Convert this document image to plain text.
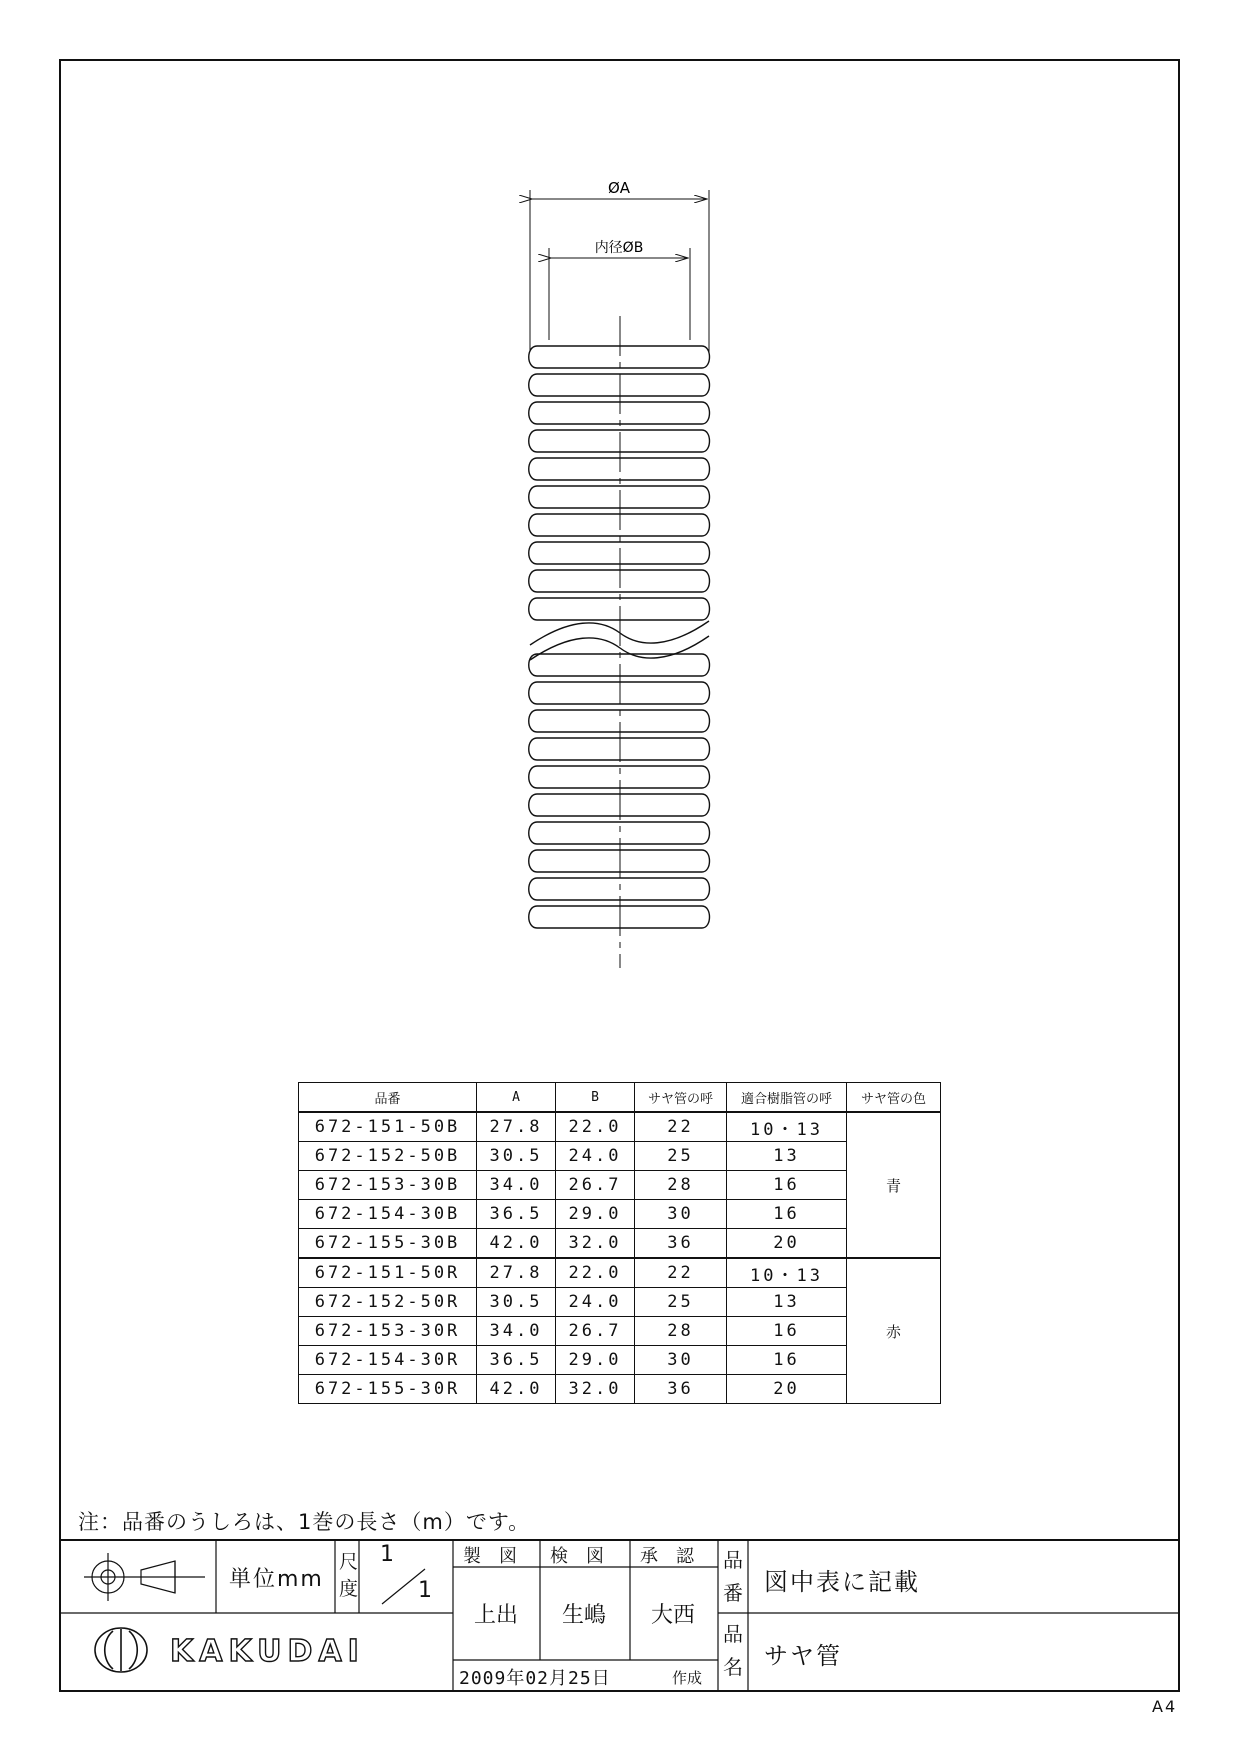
ØA
内径ØB
品番	A	B	サヤ管の呼	適合樹脂管の呼	サヤ管の色
672-151-50B	27.8	22.0	22	10・13	青
672-152-50B	30.5	24.0	25	13	
672-153-30B	34.0	26.7	28	16	
672-154-30B	36.5	29.0	30	16	
672-155-30B	42.0	32.0	36	20	
672-151-50R	27.8	22.0	22	10・13	赤
672-152-50R	30.5	24.0	25	13	
672-153-30R	34.0	26.7	28	16	
672-154-30R	36.5	29.0	30	16	
672-155-30R	42.0	32.0	36	20	
注：品番のうしろは、1巻の長さ（m）です。
単位mm
尺
度
1
1
製　図 検　図 承　認
上出 生嶋 大西
2009年02月25日	作成
品
番 図中表に記載
品
名 サヤ管
KAKUDAI
A4
